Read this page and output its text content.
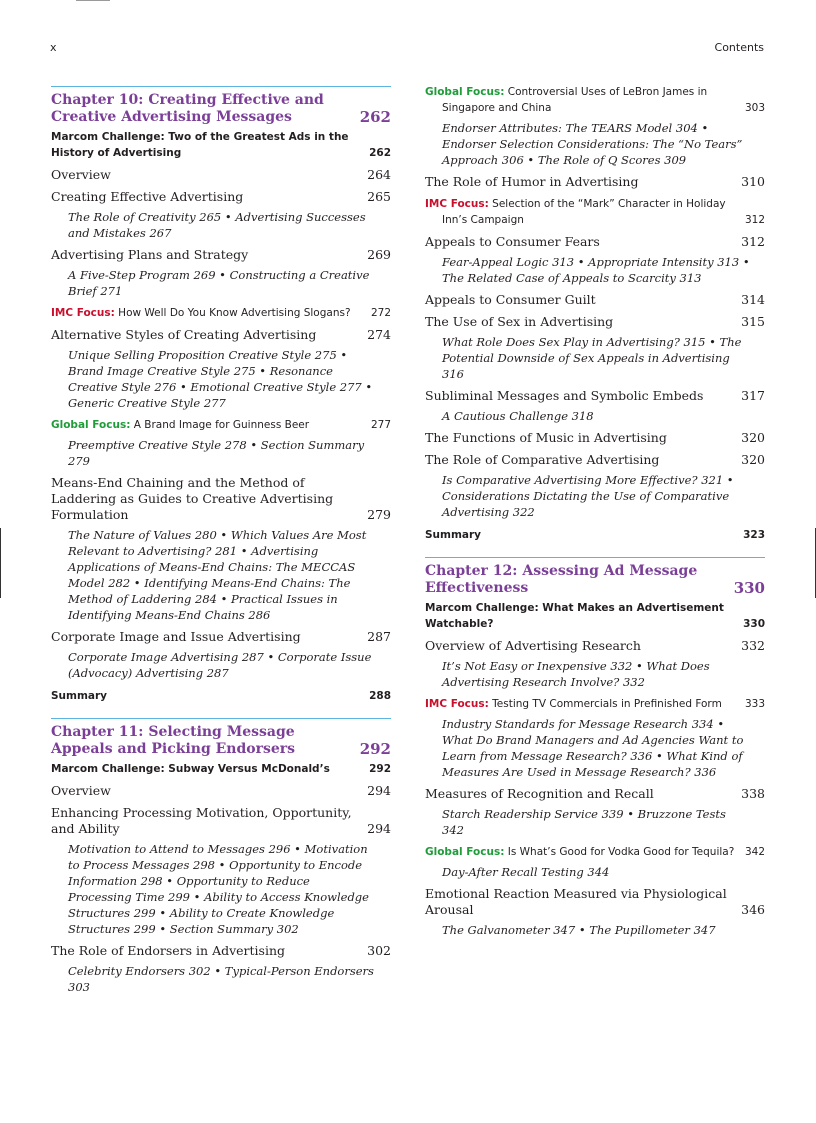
x	Contents
Chapter 10: Creating Effective and Creative Advertising Messages	262
Marcom Challenge: Two of the Greatest Ads in the History of Advertising	262
Overview	264
Creating Effective Advertising	265
The Role of Creativity 265 • Advertising Successes and Mistakes 267
Advertising Plans and Strategy	269
A Five-Step Program 269 • Constructing a Creative Brief 271
IMC Focus: How Well Do You Know Advertising Slogans?	272
Alternative Styles of Creating Advertising	274
Unique Selling Proposition Creative Style 275 • Brand Image Creative Style 275 • Resonance Creative Style 276 • Emotional Creative Style 277 • Generic Creative Style 277
Global Focus: A Brand Image for Guinness Beer	277
Preemptive Creative Style 278 • Section Summary 279
Means-End Chaining and the Method of Laddering as Guides to Creative Advertising Formulation	279
The Nature of Values 280 • Which Values Are Most Relevant to Advertising? 281 • Advertising Applications of Means-End Chains: The MECCAS Model 282 • Identifying Means-End Chains: The Method of Laddering 284 • Practical Issues in Identifying Means-End Chains 286
Corporate Image and Issue Advertising	287
Corporate Image Advertising 287 • Corporate Issue (Advocacy) Advertising 287
Summary	288
Chapter 11: Selecting Message Appeals and Picking Endorsers	292
Marcom Challenge: Subway Versus McDonald’s	292
Overview	294
Enhancing Processing Motivation, Opportunity, and Ability	294
Motivation to Attend to Messages 296 • Motivation to Process Messages 298 • Opportunity to Encode Information 298 • Opportunity to Reduce Processing Time 299 • Ability to Access Knowledge Structures 299 • Ability to Create Knowledge Structures 299 • Section Summary 302
The Role of Endorsers in Advertising	302
Celebrity Endorsers 302 • Typical-Person Endorsers 303
Global Focus: Controversial Uses of LeBron James in Singapore and China	303
Endorser Attributes: The TEARS Model 304 • Endorser Selection Considerations: The “No Tears” Approach 306 • The Role of Q Scores 309
The Role of Humor in Advertising	310
IMC Focus: Selection of the “Mark” Character in Holiday Inn’s Campaign	312
Appeals to Consumer Fears	312
Fear-Appeal Logic 313 • Appropriate Intensity 313 • The Related Case of Appeals to Scarcity 313
Appeals to Consumer Guilt	314
The Use of Sex in Advertising	315
What Role Does Sex Play in Advertising? 315 • The Potential Downside of Sex Appeals in Advertising 316
Subliminal Messages and Symbolic Embeds	317
A Cautious Challenge 318
The Functions of Music in Advertising	320
The Role of Comparative Advertising	320
Is Comparative Advertising More Effective? 321 • Considerations Dictating the Use of Comparative Advertising 322
Summary	323
Chapter 12: Assessing Ad Message Effectiveness	330
Marcom Challenge: What Makes an Advertisement Watchable?	330
Overview of Advertising Research	332
It’s Not Easy or Inexpensive 332 • What Does Advertising Research Involve? 332
IMC Focus: Testing TV Commercials in Prefinished Form	333
Industry Standards for Message Research 334 • What Do Brand Managers and Ad Agencies Want to Learn from Message Research? 336 • What Kind of Measures Are Used in Message Research? 336
Measures of Recognition and Recall	338
Starch Readership Service 339 • Bruzzone Tests 342
Global Focus: Is What’s Good for Vodka Good for Tequila?	342
Day-After Recall Testing 344
Emotional Reaction Measured via Physiological Arousal	346
The Galvanometer 347 • The Pupillometer 347
